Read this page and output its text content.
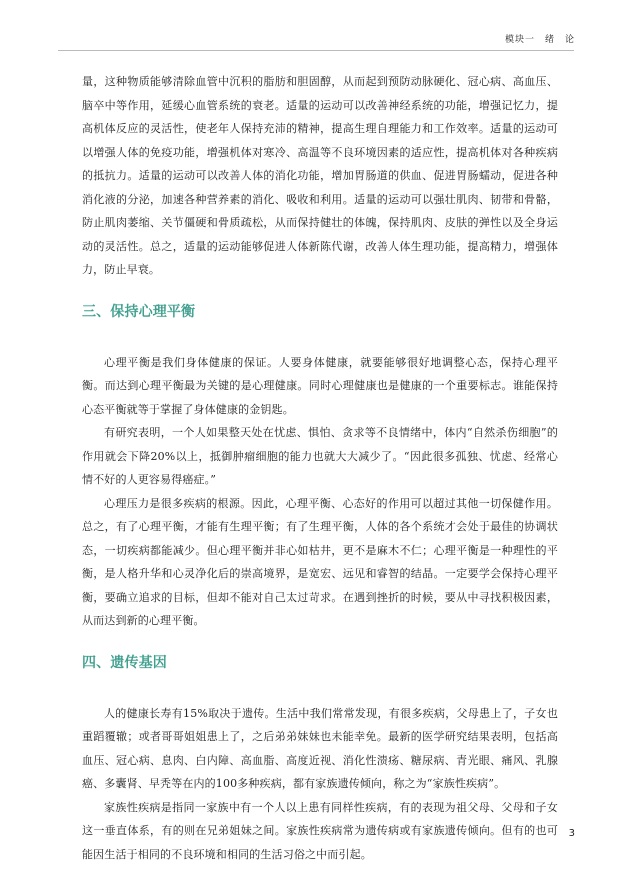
模块一　绪　论

量，这种物质能够清除血管中沉积的脂肪和胆固醇，从而起到预防动脉硬化、冠心病、高血压、脑卒中等作用，延缓心血管系统的衰老。适量的运动可以改善神经系统的功能，增强记忆力，提高机体反应的灵活性，使老年人保持充沛的精神，提高生理自理能力和工作效率。适量的运动可以增强人体的免疫功能，增强机体对寒冷、高温等不良环境因素的适应性，提高机体对各种疾病的抵抗力。适量的运动可以改善人体的消化功能，增加胃肠道的供血、促进胃肠蠕动，促进各种消化液的分泌，加速各种营养素的消化、吸收和利用。适量的运动可以强壮肌肉、韧带和骨骼，防止肌肉萎缩、关节僵硬和骨质疏松，从而保持健壮的体魄，保持肌肉、皮肤的弹性以及全身运动的灵活性。总之，适量的运动能够促进人体新陈代谢，改善人体生理功能，提高精力，增强体力，防止早衰。

三、保持心理平衡

心理平衡是我们身体健康的保证。人要身体健康，就要能够很好地调整心态，保持心理平衡。而达到心理平衡最为关键的是心理健康。同时心理健康也是健康的一个重要标志。谁能保持心态平衡就等于掌握了身体健康的金钥匙。

有研究表明，一个人如果整天处在忧虑、惧怕、贪求等不良情绪中，体内“自然杀伤细胞”的作用就会下降20%以上，抵御肿瘤细胞的能力也就大大减少了。“因此很多孤独、忧虑、经常心情不好的人更容易得癌症。”

心理压力是很多疾病的根源。因此，心理平衡、心态好的作用可以超过其他一切保健作用。总之，有了心理平衡，才能有生理平衡；有了生理平衡，人体的各个系统才会处于最佳的协调状态，一切疾病都能减少。但心理平衡并非心如枯井，更不是麻木不仁；心理平衡是一种理性的平衡，是人格升华和心灵净化后的崇高境界，是宽宏、远见和睿智的结晶。一定要学会保持心理平衡，要确立追求的目标，但却不能对自己太过苛求。在遇到挫折的时候，要从中寻找积极因素，从而达到新的心理平衡。

四、遗传基因

人的健康长寿有15%取决于遗传。生活中我们常常发现，有很多疾病，父母患上了，子女也重蹈覆辙；或者哥哥姐姐患上了，之后弟弟妹妹也未能幸免。最新的医学研究结果表明，包括高血压、冠心病、息肉、白内障、高血脂、高度近视、消化性溃疡、糖尿病、青光眼、痛风、乳腺癌、多囊肾、早秃等在内的100多种疾病，都有家族遗传倾向，称之为“家族性疾病”。

家族性疾病是指同一家族中有一个人以上患有同样性疾病，有的表现为祖父母、父母和子女这一垂直体系，有的则在兄弟姐妹之间。家族性疾病常为遗传病或有家族遗传倾向。但有的也可能因生活于相同的不良环境和相同的生活习俗之中而引起。

3
